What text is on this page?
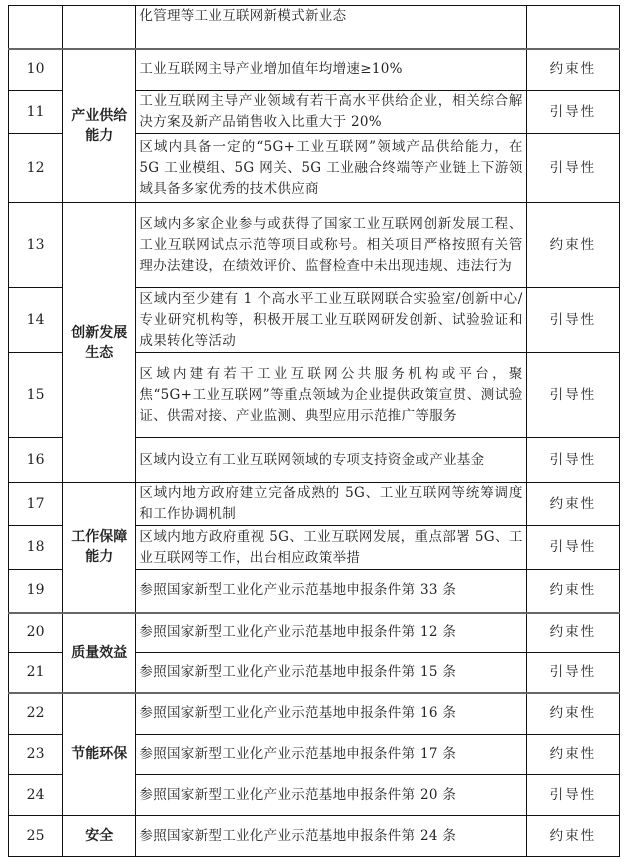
		化管理等工业互联网新模式新业态	
10	产业供给能力	工业互联网主导产业增加值年均增速≥10%	约束性
11		工业互联网主导产业领域有若干高水平供给企业，相关综合解决方案及新产品销售收入比重大于 20%	引导性
12		区域内具备一定的“5G+工业互联网”领域产品供给能力，在 5G 工业模组、5G 网关、5G 工业融合终端等产业链上下游领域具备多家优秀的技术供应商	引导性
13	创新发展生态	区域内多家企业参与或获得了国家工业互联网创新发展工程、工业互联网试点示范等项目或称号。相关项目严格按照有关管理办法建设，在绩效评价、监督检查中未出现违规、违法行为	约束性
14		区域内至少建有 1 个高水平工业互联网联合实验室/创新中心/专业研究机构等，积极开展工业互联网研发创新、试验验证和成果转化等活动	引导性
15		区域内建有若干工业互联网公共服务机构或平台，聚焦“5G+工业互联网”等重点领域为企业提供政策宣贯、测试验证、供需对接、产业监测、典型应用示范推广等服务	引导性
16		区域内设立有工业互联网领域的专项支持资金或产业基金	引导性
17	工作保障能力	区域内地方政府建立完备成熟的 5G、工业互联网等统筹调度和工作协调机制	约束性
18		区域内地方政府重视 5G、工业互联网发展，重点部署 5G、工业互联网等工作，出台相应政策举措	引导性
19		参照国家新型工业化产业示范基地申报条件第 33 条	约束性
20	质量效益	参照国家新型工业化产业示范基地申报条件第 12 条	约束性
21		参照国家新型工业化产业示范基地申报条件第 15 条	引导性
22	节能环保	参照国家新型工业化产业示范基地申报条件第 16 条	约束性
23		参照国家新型工业化产业示范基地申报条件第 17 条	约束性
24		参照国家新型工业化产业示范基地申报条件第 20 条	引导性
25	安全	参照国家新型工业化产业示范基地申报条件第 24 条	约束性
